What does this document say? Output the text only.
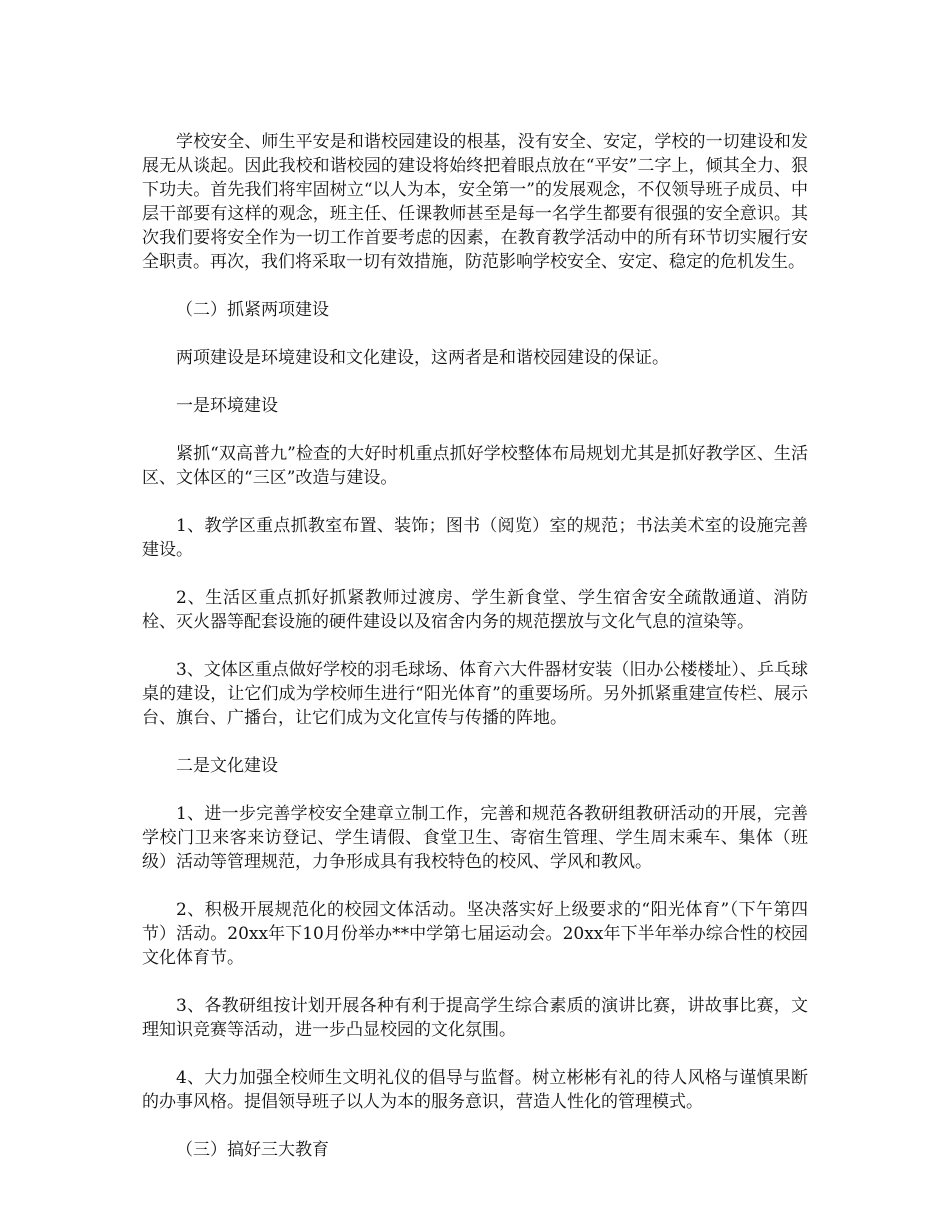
学校安全、师生平安是和谐校园建设的根基，没有安全、安定，学校的一切建设和发展无从谈起。因此我校和谐校园的建设将始终把着眼点放在“平安”二字上，倾其全力、狠下功夫。首先我们将牢固树立“以人为本，安全第一”的发展观念，不仅领导班子成员、中层干部要有这样的观念，班主任、任课教师甚至是每一名学生都要有很强的安全意识。其次我们要将安全作为一切工作首要考虑的因素，在教育教学活动中的所有环节切实履行安全职责。再次，我们将采取一切有效措施，防范影响学校安全、安定、稳定的危机发生。

（二）抓紧两项建设

两项建设是环境建设和文化建设，这两者是和谐校园建设的保证。

一是环境建设

紧抓“双高普九”检查的大好时机重点抓好学校整体布局规划尤其是抓好教学区、生活区、文体区的“三区”改造与建设。

1、教学区重点抓教室布置、装饰；图书（阅览）室的规范；书法美术室的设施完善建设。

2、生活区重点抓好抓紧教师过渡房、学生新食堂、学生宿舍安全疏散通道、消防栓、灭火器等配套设施的硬件建设以及宿舍内务的规范摆放与文化气息的渲染等。

3、文体区重点做好学校的羽毛球场、体育六大件器材安装（旧办公楼楼址）、乒乓球桌的建设，让它们成为学校师生进行“阳光体育”的重要场所。另外抓紧重建宣传栏、展示台、旗台、广播台，让它们成为文化宣传与传播的阵地。

二是文化建设

1、进一步完善学校安全建章立制工作，完善和规范各教研组教研活动的开展，完善学校门卫来客来访登记、学生请假、食堂卫生、寄宿生管理、学生周末乘车、集体（班级）活动等管理规范，力争形成具有我校特色的校风、学风和教风。

2、积极开展规范化的校园文体活动。坚决落实好上级要求的“阳光体育”（下午第四节）活动。20xx年下10月份举办**中学第七届运动会。20xx年下半年举办综合性的校园文化体育节。

3、各教研组按计划开展各种有利于提高学生综合素质的演讲比赛，讲故事比赛，文理知识竞赛等活动，进一步凸显校园的文化氛围。

4、大力加强全校师生文明礼仪的倡导与监督。树立彬彬有礼的待人风格与谨慎果断的办事风格。提倡领导班子以人为本的服务意识，营造人性化的管理模式。

（三）搞好三大教育
